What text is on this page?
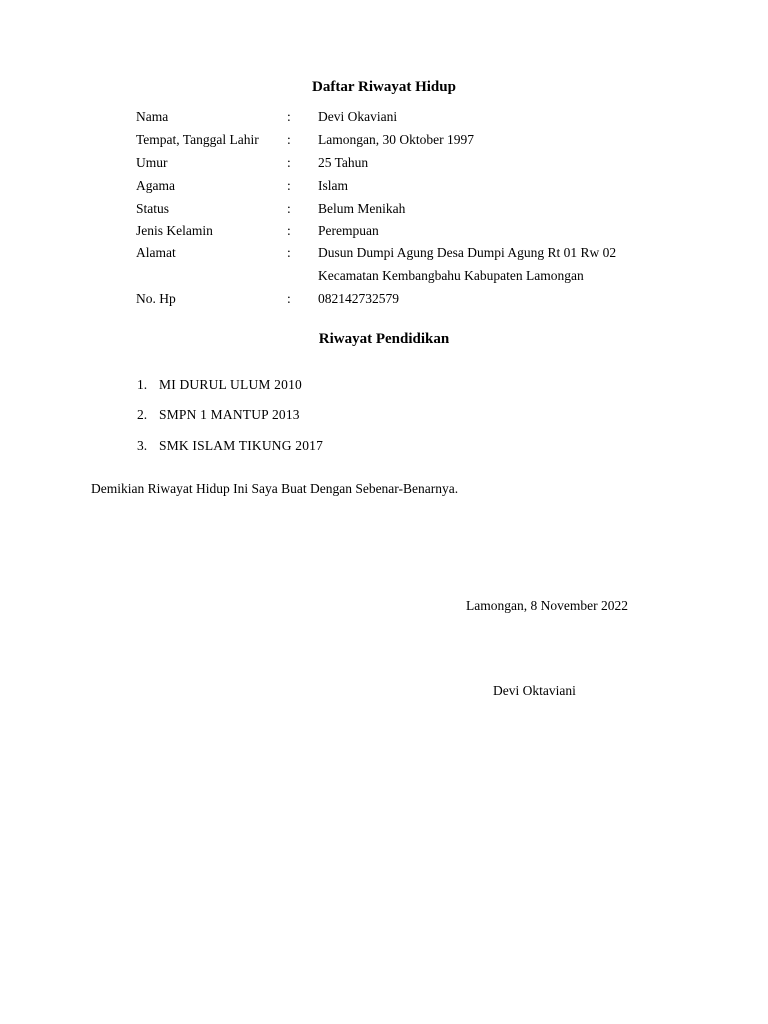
Daftar Riwayat Hidup
Nama	: Devi Okaviani
Tempat, Tanggal Lahir : Lamongan, 30 Oktober 1997
Umur	: 25 Tahun
Agama	: Islam
Status	: Belum Menikah
Jenis Kelamin	: Perempuan
Alamat	: Dusun Dumpi Agung Desa Dumpi Agung Rt 01 Rw 02
Kecamatan Kembangbahu Kabupaten Lamongan
No. Hp	: 082142732579
Riwayat Pendidikan
1. MI DURUL ULUM 2010
2. SMPN 1 MANTUP 2013
3. SMK ISLAM TIKUNG 2017
Demikian Riwayat Hidup Ini Saya Buat Dengan Sebenar-Benarnya.
Lamongan, 8 November 2022
Devi Oktaviani
